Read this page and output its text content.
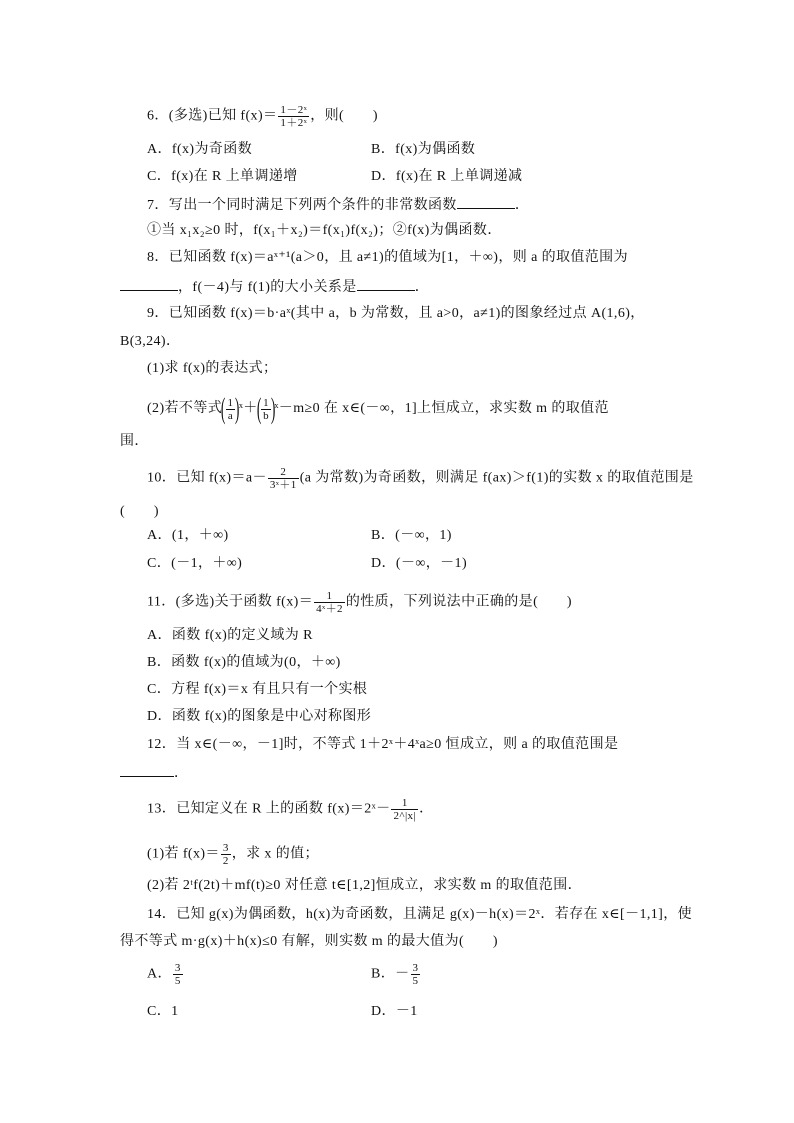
6．(多选)已知 $f(x)= \frac{\text{1－2ˣ}}{\text{1＋2ˣ}}$ ，则(　　)
A．f(x)为奇函数	B．f(x)为偶函数
C．f(x)在 R 上单调递增	D．f(x)在 R 上单调递减
7．写出一个同时满足下列两个条件的非常数函数	．
①当 x₁x₂≥0 时，f(x₁＋x₂)＝f(x₁)f(x₂)；②f(x)为偶函数．
8．已知函数 f(x)＝aˣ⁺¹(a＞0，且 a≠1)的值域为[1，＋∞)，则 a 的取值范围为
，f(－4)与 f(1)的大小关系是	．
9．已知函数 f(x)＝b·aˣ(其中 a，b 为常数，且 a>0，a≠1)的图象经过点 A(1,6)，
B(3,24)．
(1)求 f(x)的表达式；
(2)若不等式( $\frac{1}{a}$ )ˣ＋( $\frac{1}{b}$ )ˣ－m≥0 在 x∈(－∞，1]上恒成立，求实数 m 的取值范
围．
10．已知 $f(x)=a- \frac{2}{\text{3ˣ＋1}} (a$ 为常数)为奇函数，则满足 f(ax)＞f(1)的实数 x 的取值范围是
(　　)
A．(1，＋∞)	B．(－∞，1)
C．(－1，＋∞)	D．(－∞，－1)
11．(多选)关于函数 $f(x)= \frac{1}{\text{4ˣ＋2}}$ 的性质，下列说法中正确的是(　　)
A．函数 f(x)的定义域为 R
B．函数 f(x)的值域为(0，＋∞)
C．方程 f(x)＝x 有且只有一个实根
D．函数 f(x)的图象是中心对称图形
12．当 x∈(－∞，－1]时，不等式 1＋2ˣ＋4ˣa≥0 恒成立，则 a 的取值范围是
．
13．已知定义在 R 上的函数 f(x)＝2ˣ－ $\frac{1}{2\^{}|x|}$ ．
(1)若 $f(x)= \frac{3}{2}$ ，求 x 的值；
(2)若 2ᵗf(2t)＋mf(t)≥0 对任意 t∈[1,2]恒成立，求实数 m 的取值范围．
14．已知 g(x)为偶函数，h(x)为奇函数，且满足 g(x)－h(x)＝2ˣ．若存在 x∈[－1,1]，使
得不等式 m·g(x)＋h(x)≤0 有解，则实数 m 的最大值为(　　)
A． $\frac{3}{5}$	B．－ $\frac{3}{5}$
C．1	D．－1
